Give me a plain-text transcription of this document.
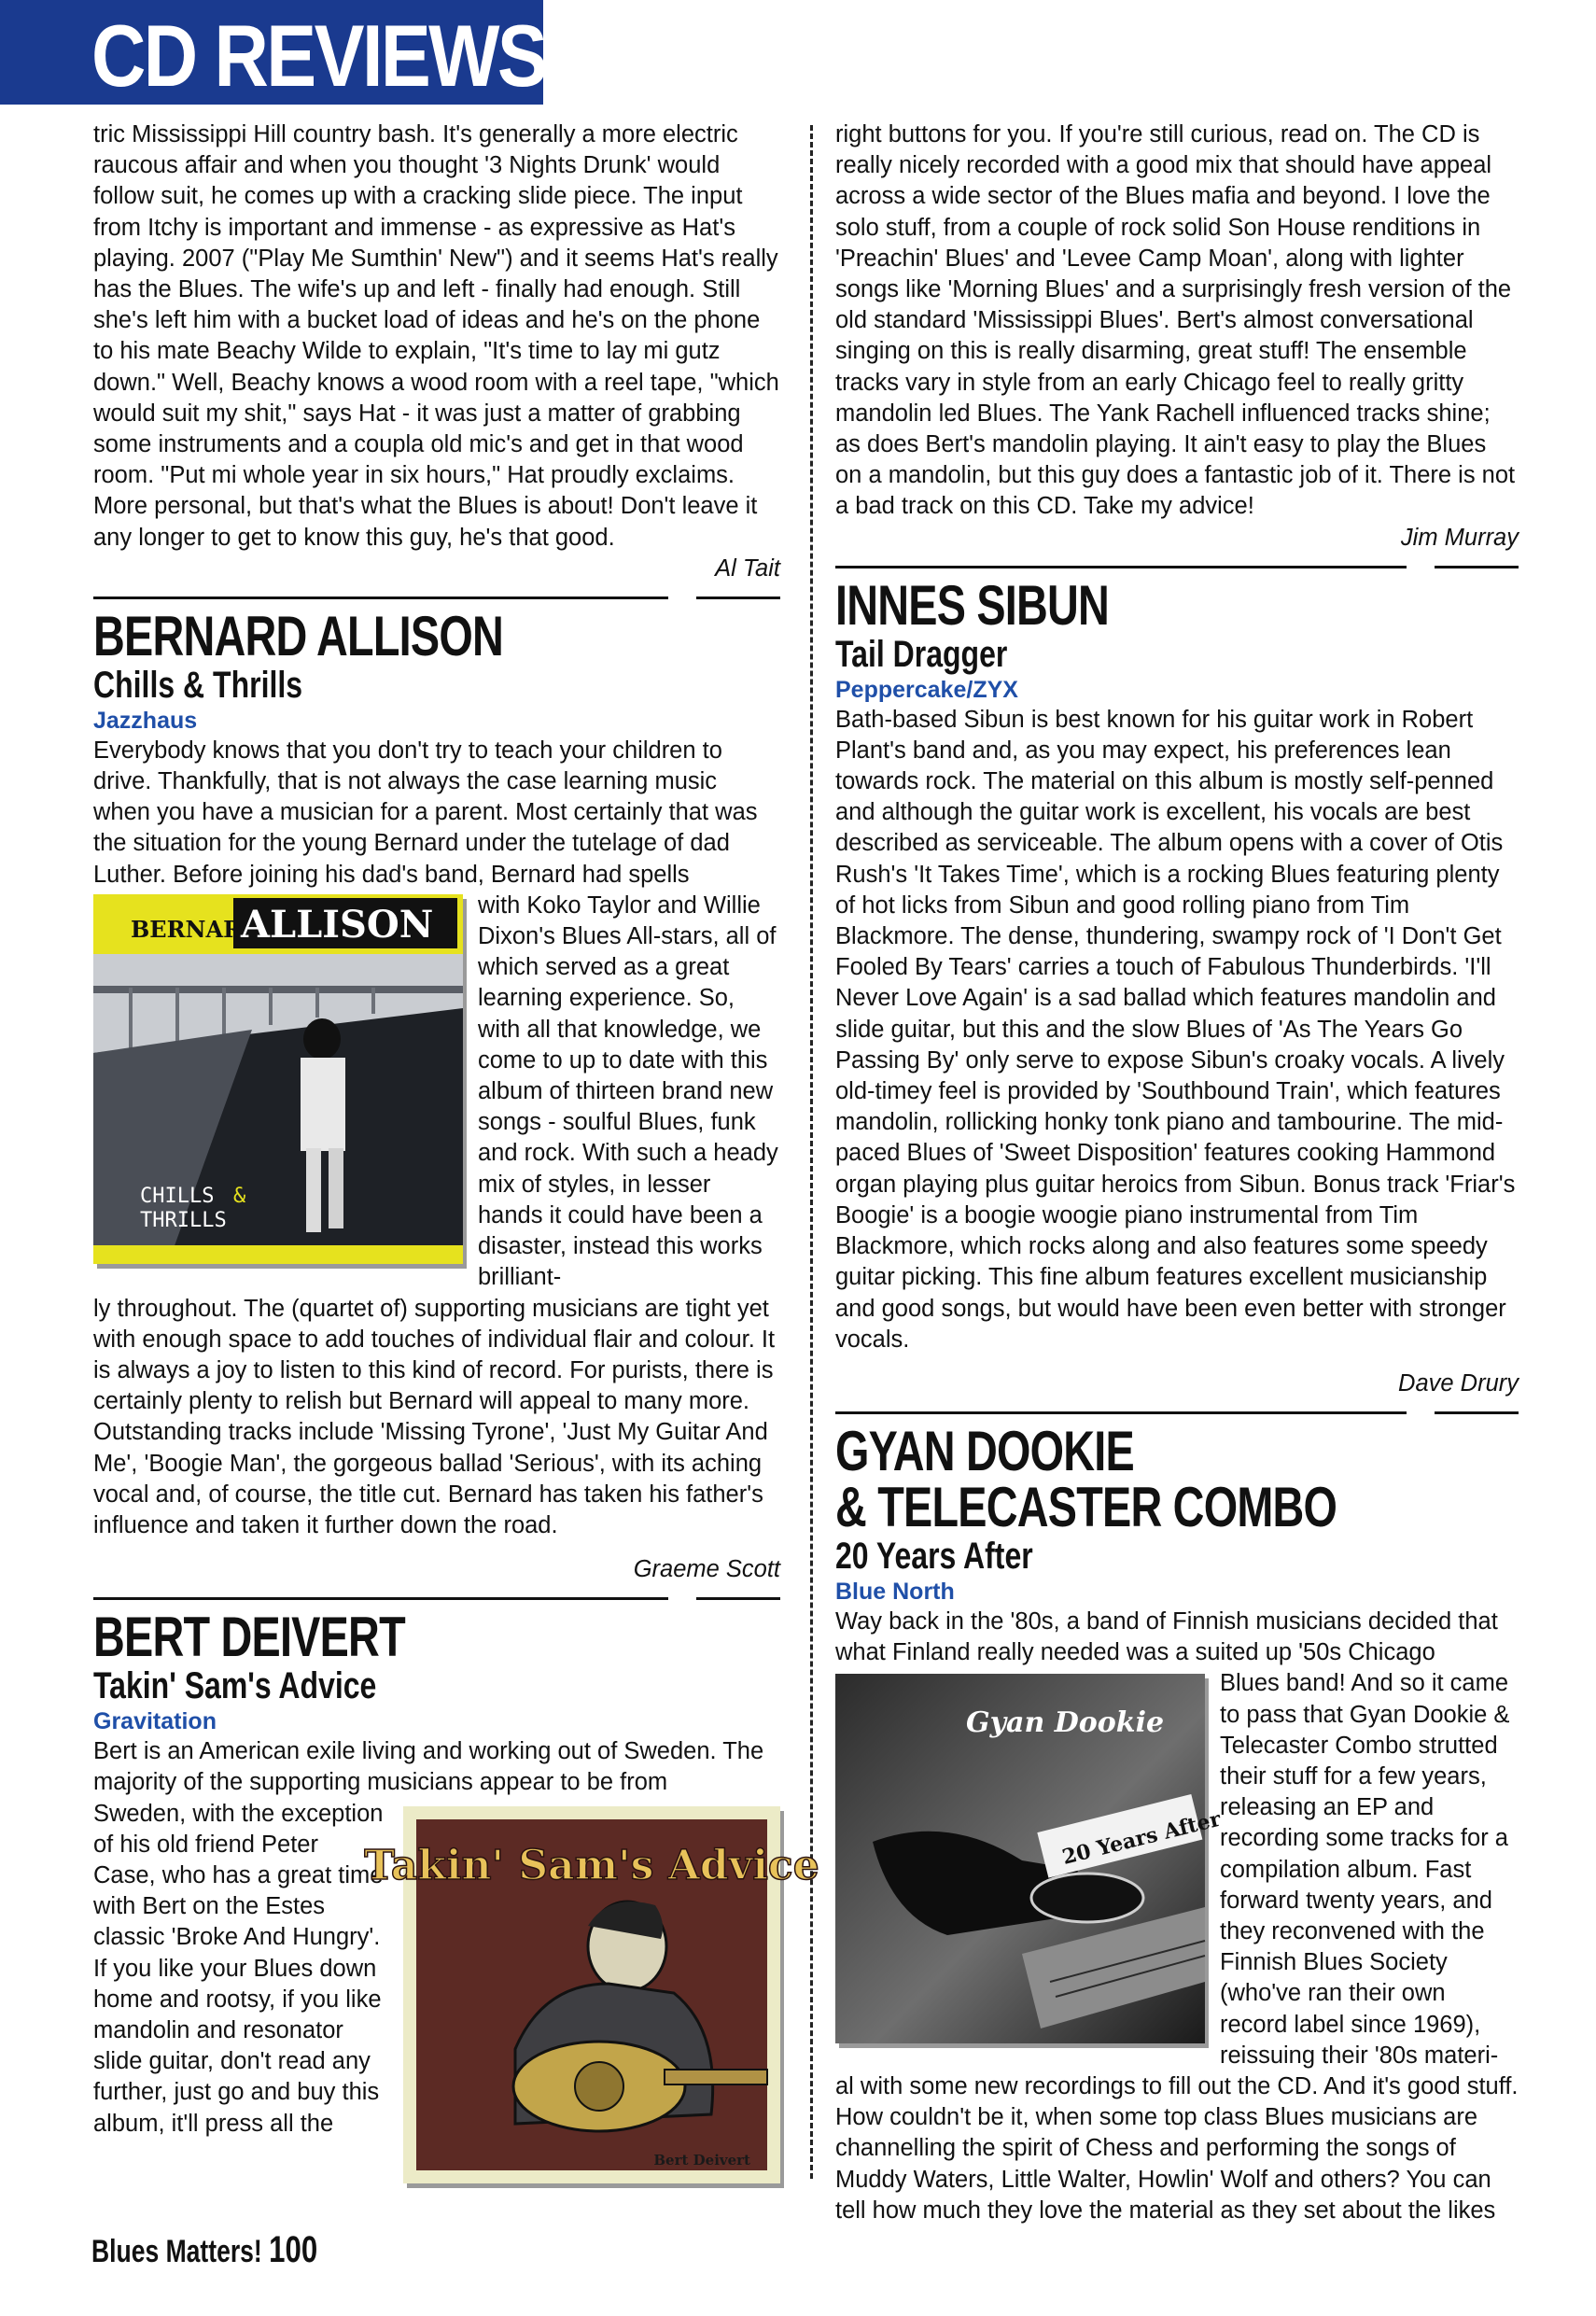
CD REVIEWS

tric Mississippi Hill country bash. It's generally a more electric raucous affair and when you thought '3 Nights Drunk' would follow suit, he comes up with a cracking slide piece. The input from Itchy is important and immense - as expressive as Hat's playing. 2007 ("Play Me Sumthin' New") and it seems Hat's really has the Blues. The wife's up and left - finally had enough. Still she's left him with a bucket load of ideas and he's on the phone to his mate Beachy Wilde to explain, "It's time to lay mi gutz down." Well, Beachy knows a wood room with a reel tape, "which would suit my shit," says Hat - it was just a matter of grabbing some instruments and a coupla old mic's and get in that wood room. "Put mi whole year in six hours," Hat proudly exclaims. More personal, but that's what the Blues is about! Don't leave it any longer to get to know this guy, he's that good.

Al Tait
BERNARD ALLISON
Chills & Thrills
Jazzhaus

Everybody knows that you don't try to teach your children to drive. Thankfully, that is not always the case learning music when you have a musician for a parent. Most certainly that was the situation for the young Bernard under the tutelage of dad Luther. Before joining his dad's band, Bernard had spells

BERNARD
ALLISON
CHILLS &
THRILLS

with Koko Taylor and Willie Dixon's Blues All-stars, all of which served as a great learning experience. So, with all that knowledge, we come to up to date with this album of thirteen brand new songs - soulful Blues, funk and rock. With such a heady mix of styles, in lesser hands it could have been a disaster, instead this works brilliant-

ly throughout. The (quartet of) supporting musicians are tight yet with enough space to add touches of individual flair and colour. It is always a joy to listen to this kind of record. For purists, there is certainly plenty to relish but Bernard will appeal to many more. Outstanding tracks include 'Missing Tyrone', 'Just My Guitar And Me', 'Boogie Man', the gorgeous ballad 'Serious', with its aching vocal and, of course, the title cut. Bernard has taken his father's influence and taken it further down the road.

Graeme Scott
BERT DEIVERT
Takin' Sam's Advice
Gravitation

Bert is an American exile living and working out of Sweden. The majority of the supporting musicians appear to be from

Takin' Sam's Advice
Bert Deivert

Sweden, with the exception of his old friend Peter Case, who has a great time with Bert on the Estes classic 'Broke And Hungry'. If you like your Blues down home and rootsy, if you like mandolin and resonator slide guitar, don't read any further, just go and buy this album, it'll press all the

right buttons for you. If you're still curious, read on. The CD is really nicely recorded with a good mix that should have appeal across a wide sector of the Blues mafia and beyond. I love the solo stuff, from a couple of rock solid Son House renditions in 'Preachin' Blues' and 'Levee Camp Moan', along with lighter songs like 'Morning Blues' and a surprisingly fresh version of the old standard 'Mississippi Blues'. Bert's almost conversational singing on this is really disarming, great stuff! The ensemble tracks vary in style from an early Chicago feel to really gritty mandolin led Blues. The Yank Rachell influenced tracks shine; as does Bert's mandolin playing. It ain't easy to play the Blues on a mandolin, but this guy does a fantastic job of it. There is not a bad track on this CD. Take my advice!

Jim Murray
INNES SIBUN
Tail Dragger
Peppercake/ZYX

Bath-based Sibun is best known for his guitar work in Robert Plant's band and, as you may expect, his preferences lean towards rock. The material on this album is mostly self-penned and although the guitar work is excellent, his vocals are best described as serviceable. The album opens with a cover of Otis Rush's 'It Takes Time', which is a rocking Blues featuring plenty of hot licks from Sibun and good rolling piano from Tim Blackmore. The dense, thundering, swampy rock of 'I Don't Get Fooled By Tears' carries a touch of Fabulous Thunderbirds. 'I'll Never Love Again' is a sad ballad which features mandolin and slide guitar, but this and the slow Blues of 'As The Years Go Passing By' only serve to expose Sibun's croaky vocals. A lively old-timey feel is provided by 'Southbound Train', which features mandolin, rollicking honky tonk piano and tambourine. The mid-paced Blues of 'Sweet Disposition' features cooking Hammond organ playing plus guitar heroics from Sibun. Bonus track 'Friar's Boogie' is a boogie woogie piano instrumental from Tim Blackmore, which rocks along and also features some speedy guitar picking. This fine album features excellent musicianship and good songs, but would have been even better with stronger vocals.

Dave Drury
GYAN DOOKIE
& TELECASTER COMBO
20 Years After
Blue North

Way back in the '80s, a band of Finnish musicians decided that what Finland really needed was a suited up '50s Chicago

Gyan Dookie
20 Years After

Blues band! And so it came to pass that Gyan Dookie & Telecaster Combo strutted their stuff for a few years, releasing an EP and recording some tracks for a compilation album. Fast forward twenty years, and they reconvened with the Finnish Blues Society (who've ran their own record label since 1969), reissuing their '80s materi-

al with some new recordings to fill out the CD. And it's good stuff. How couldn't be it, when some top class Blues musicians are channelling the spirit of Chess and performing the songs of Muddy Waters, Little Walter, Howlin' Wolf and others? You can tell how much they love the material as they set about the likes

Blues Matters! 100
